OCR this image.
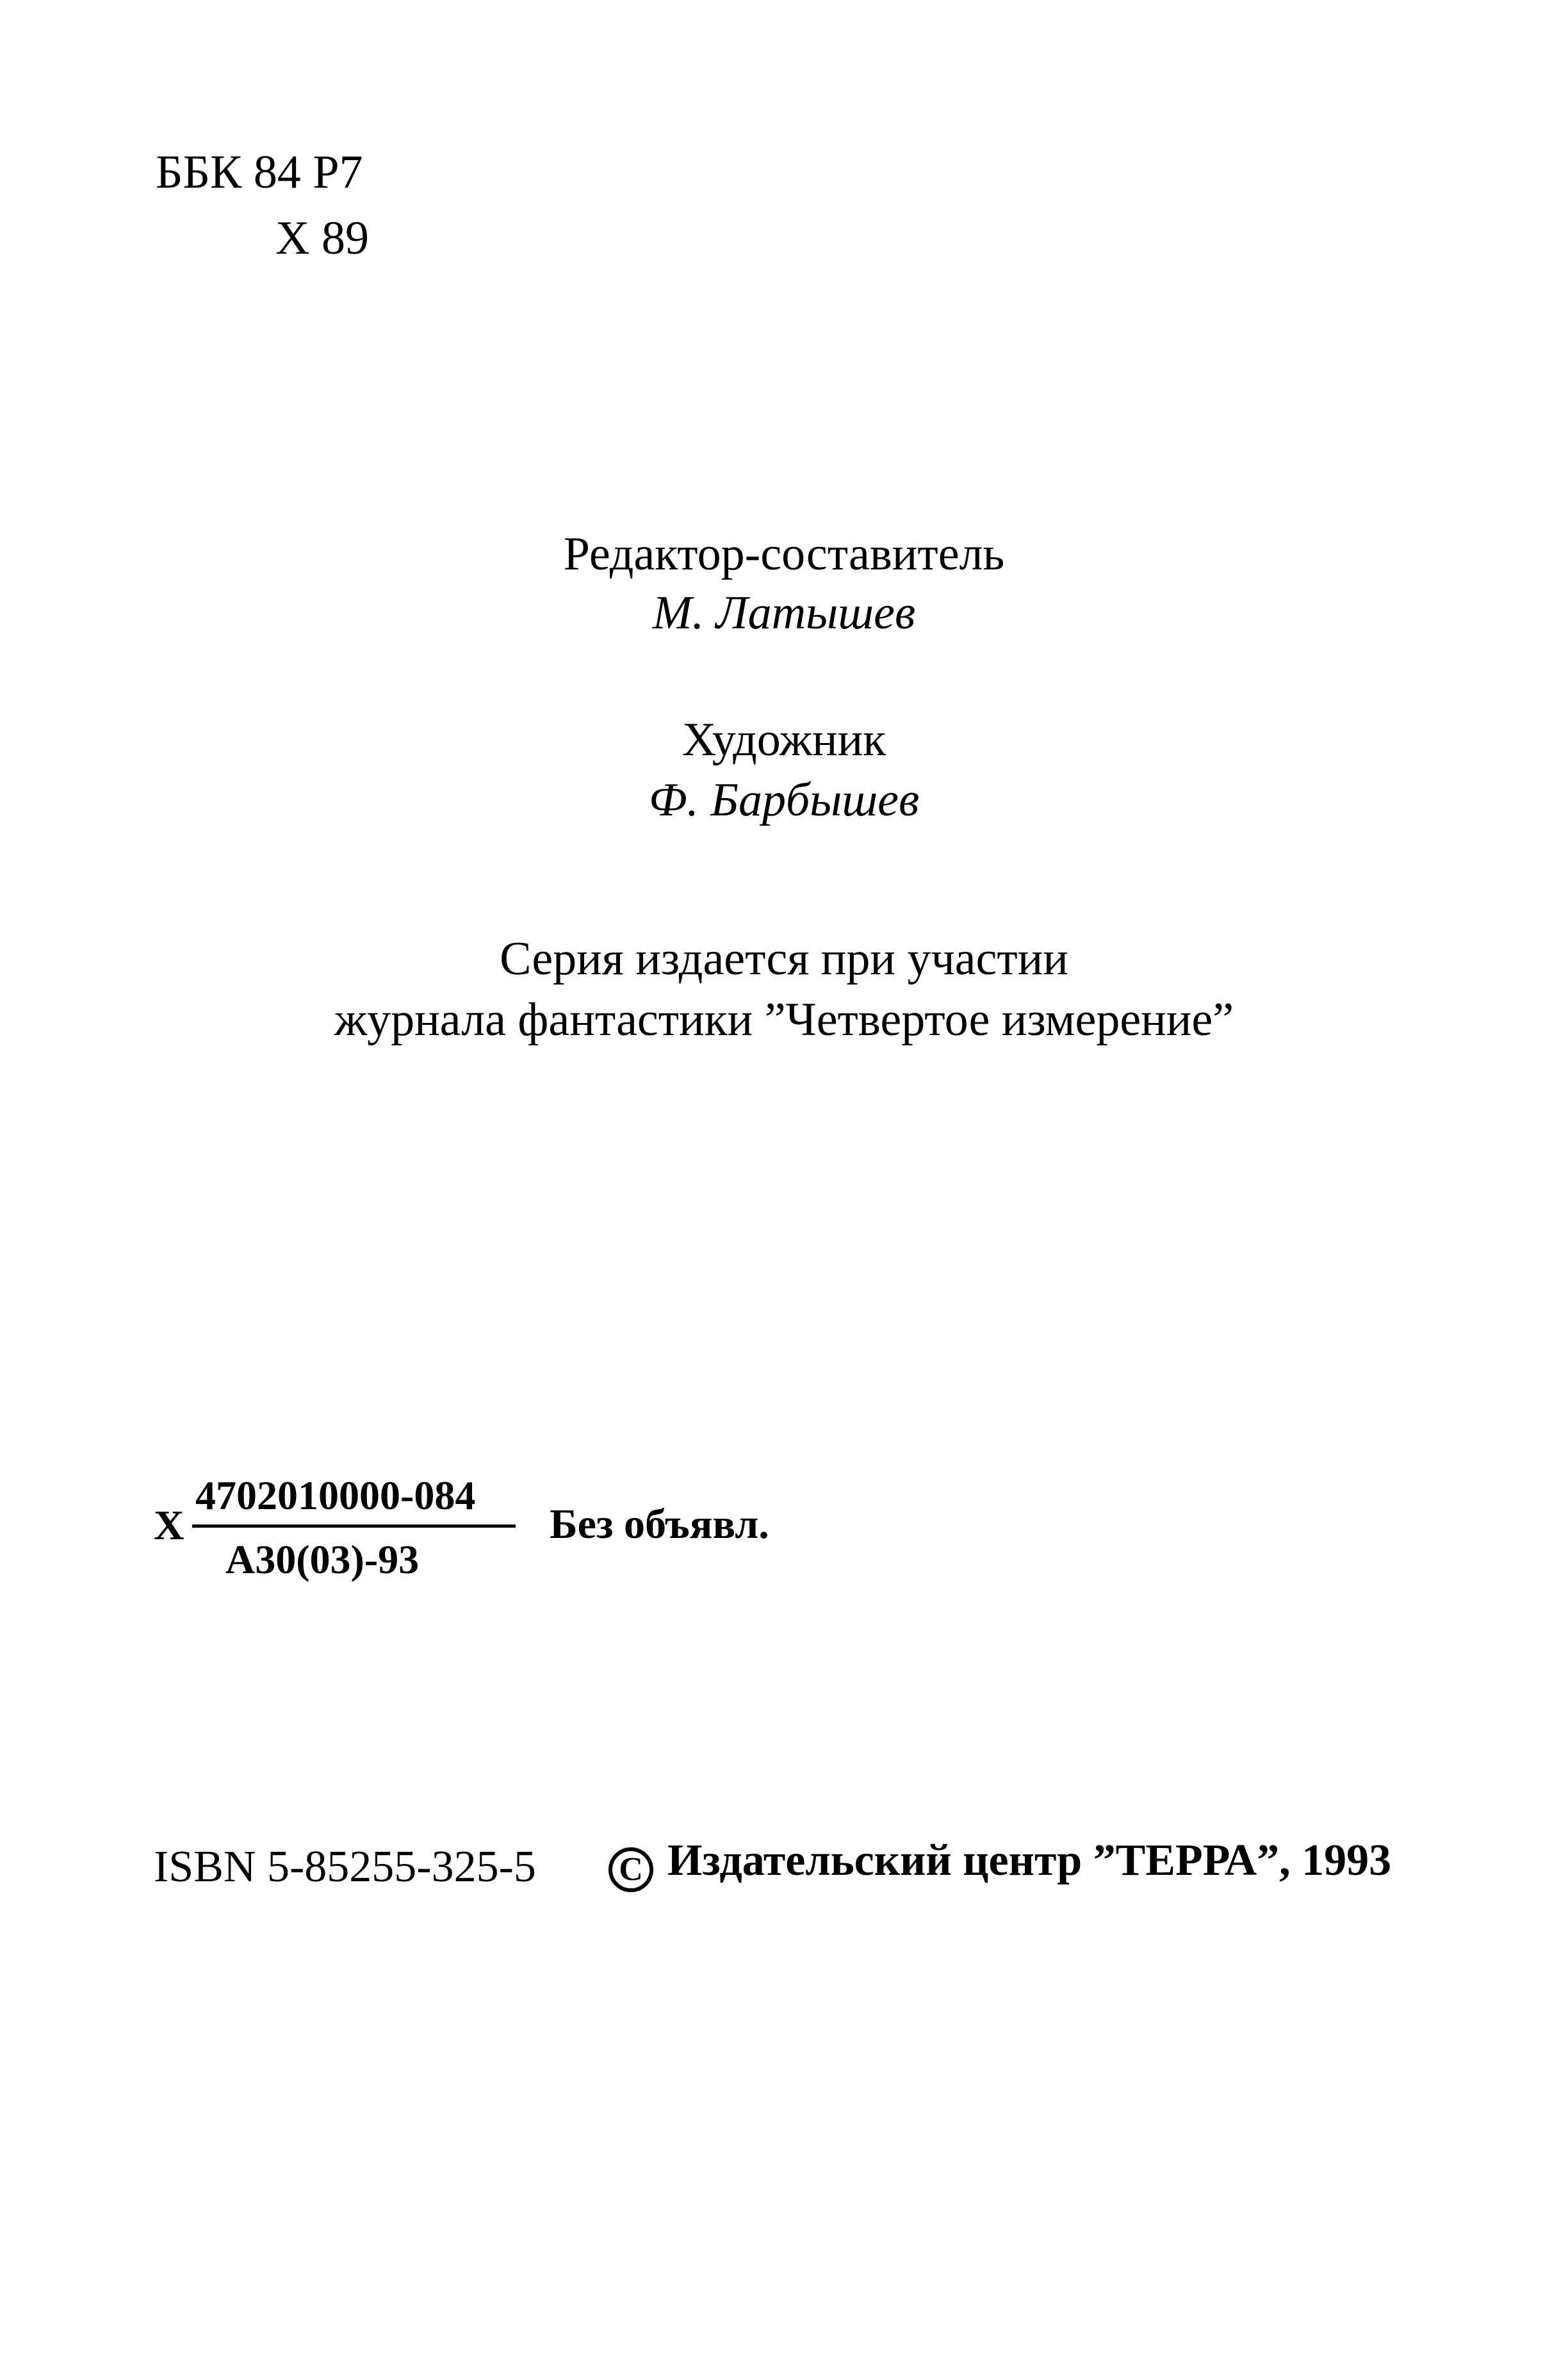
ББК 84 Р7
Х 89
Редактор-составитель
М. Латышев
Художник
Ф. Барбышев
Серия издается при участии
журнала фантастики ”Четвертое измерение”
Х
4702010000-084
А30(03)-93
Без объявл.
ISBN 5-85255-325-5	C Издательский центр ”ТЕРРА”, 1993
